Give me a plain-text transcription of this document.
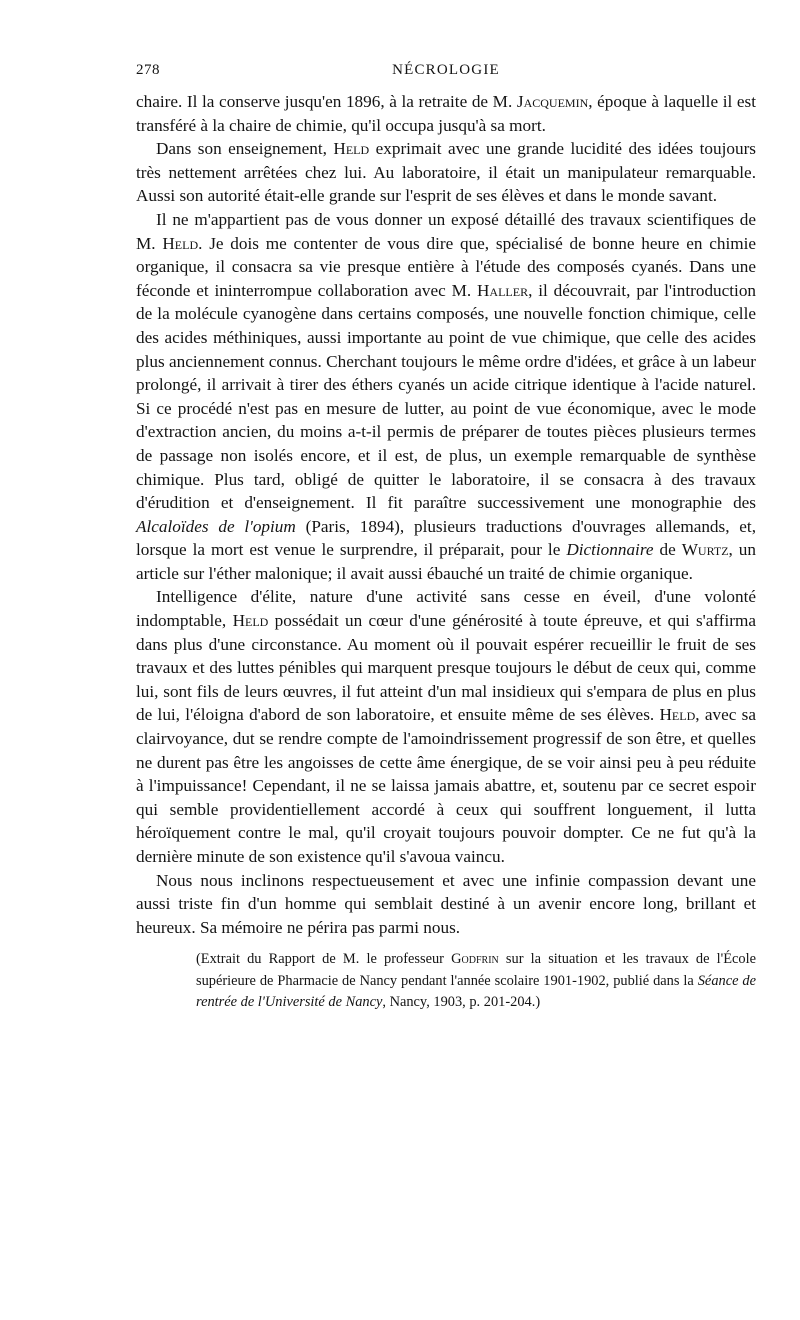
278	NÉCROLOGIE

chaire. Il la conserve jusqu'en 1896, à la retraite de M. Jacquemin, époque à laquelle il est transféré à la chaire de chimie, qu'il occupa jusqu'à sa mort.

Dans son enseignement, Held exprimait avec une grande lucidité des idées toujours très nettement arrêtées chez lui. Au laboratoire, il était un manipulateur remarquable. Aussi son autorité était-elle grande sur l'esprit de ses élèves et dans le monde savant.

Il ne m'appartient pas de vous donner un exposé détaillé des travaux scientifiques de M. Held. Je dois me contenter de vous dire que, spécialisé de bonne heure en chimie organique, il consacra sa vie presque entière à l'étude des composés cyanés. Dans une féconde et ininterrompue collaboration avec M. Haller, il découvrait, par l'introduction de la molécule cyanogène dans certains composés, une nouvelle fonction chimique, celle des acides méthiniques, aussi importante au point de vue chimique, que celle des acides plus anciennement connus. Cherchant toujours le même ordre d'idées, et grâce à un labeur prolongé, il arrivait à tirer des éthers cyanés un acide citrique identique à l'acide naturel. Si ce procédé n'est pas en mesure de lutter, au point de vue économique, avec le mode d'extraction ancien, du moins a-t-il permis de préparer de toutes pièces plusieurs termes de passage non isolés encore, et il est, de plus, un exemple remarquable de synthèse chimique. Plus tard, obligé de quitter le laboratoire, il se consacra à des travaux d'érudition et d'enseignement. Il fit paraître successivement une monographie des Alcaloïdes de l'opium (Paris, 1894), plusieurs traductions d'ouvrages allemands, et, lorsque la mort est venue le surprendre, il préparait, pour le Dictionnaire de Wurtz, un article sur l'éther malonique; il avait aussi ébauché un traité de chimie organique.

Intelligence d'élite, nature d'une activité sans cesse en éveil, d'une volonté indomptable, Held possédait un cœur d'une générosité à toute épreuve, et qui s'affirma dans plus d'une circonstance. Au moment où il pouvait espérer recueillir le fruit de ses travaux et des luttes pénibles qui marquent presque toujours le début de ceux qui, comme lui, sont fils de leurs œuvres, il fut atteint d'un mal insidieux qui s'empara de plus en plus de lui, l'éloigna d'abord de son laboratoire, et ensuite même de ses élèves. Held, avec sa clairvoyance, dut se rendre compte de l'amoindrissement progressif de son être, et quelles ne durent pas être les angoisses de cette âme énergique, de se voir ainsi peu à peu réduite à l'impuissance! Cependant, il ne se laissa jamais abattre, et, soutenu par ce secret espoir qui semble providentiellement accordé à ceux qui souffrent longuement, il lutta héroïquement contre le mal, qu'il croyait toujours pouvoir dompter. Ce ne fut qu'à la dernière minute de son existence qu'il s'avoua vaincu.

Nous nous inclinons respectueusement et avec une infinie compassion devant une aussi triste fin d'un homme qui semblait destiné à un avenir encore long, brillant et heureux. Sa mémoire ne périra pas parmi nous.

(Extrait du Rapport de M. le professeur Godfrin sur la situation et les travaux de l'École supérieure de Pharmacie de Nancy pendant l'année scolaire 1901-1902, publié dans la Séance de rentrée de l'Université de Nancy, Nancy, 1903, p. 201-204.)
